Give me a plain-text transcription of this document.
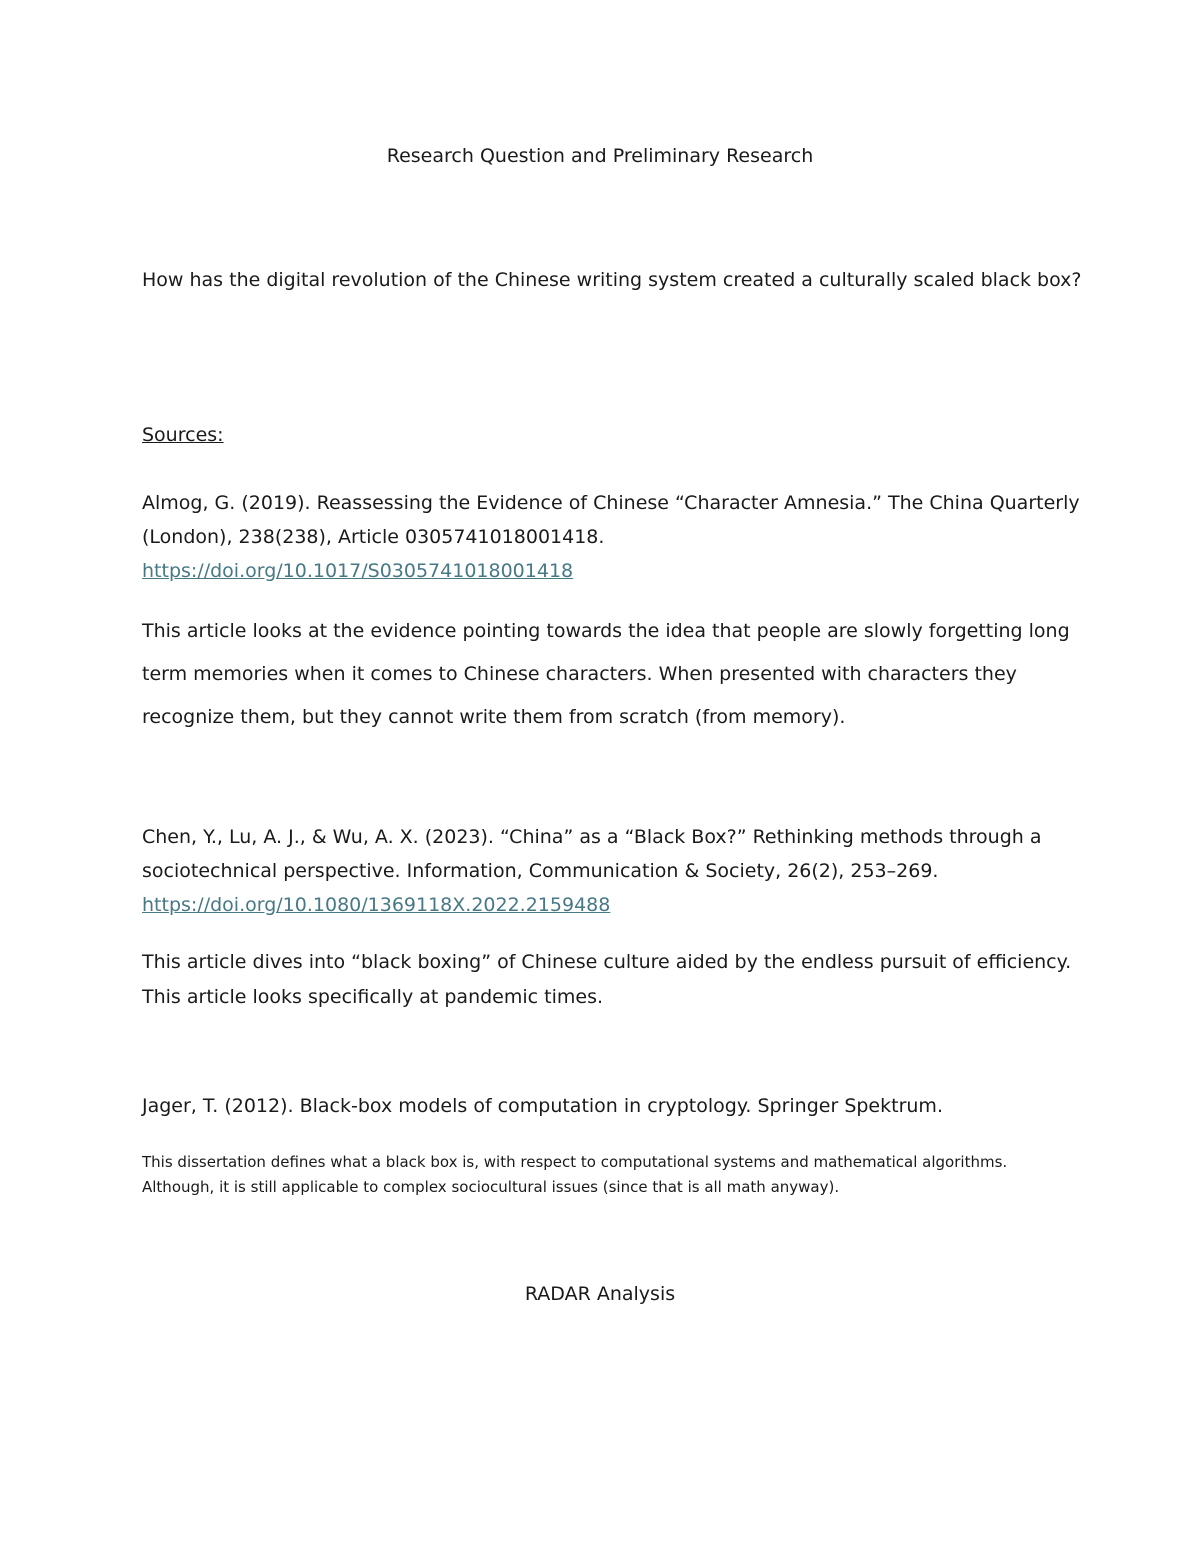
Research Question and Preliminary Research

How has the digital revolution of the Chinese writing system created a culturally scaled black box?

Sources:

Almog, G. (2019). Reassessing the Evidence of Chinese “Character Amnesia.” The China Quarterly (London), 238(238), Article 0305741018001418.
https://doi.org/10.1017/S0305741018001418

This article looks at the evidence pointing towards the idea that people are slowly forgetting long term memories when it comes to Chinese characters. When presented with characters they recognize them, but they cannot write them from scratch (from memory).

Chen, Y., Lu, A. J., & Wu, A. X. (2023). “China” as a “Black Box?” Rethinking methods through a sociotechnical perspective. Information, Communication & Society, 26(2), 253–269. https://doi.org/10.1080/1369118X.2022.2159488

This article dives into “black boxing” of Chinese culture aided by the endless pursuit of efficiency. This article looks specifically at pandemic times.

Jager, T. (2012). Black-box models of computation in cryptology. Springer Spektrum.

This dissertation defines what a black box is, with respect to computational systems and mathematical algorithms. Although, it is still applicable to complex sociocultural issues (since that is all math anyway).

RADAR Analysis
